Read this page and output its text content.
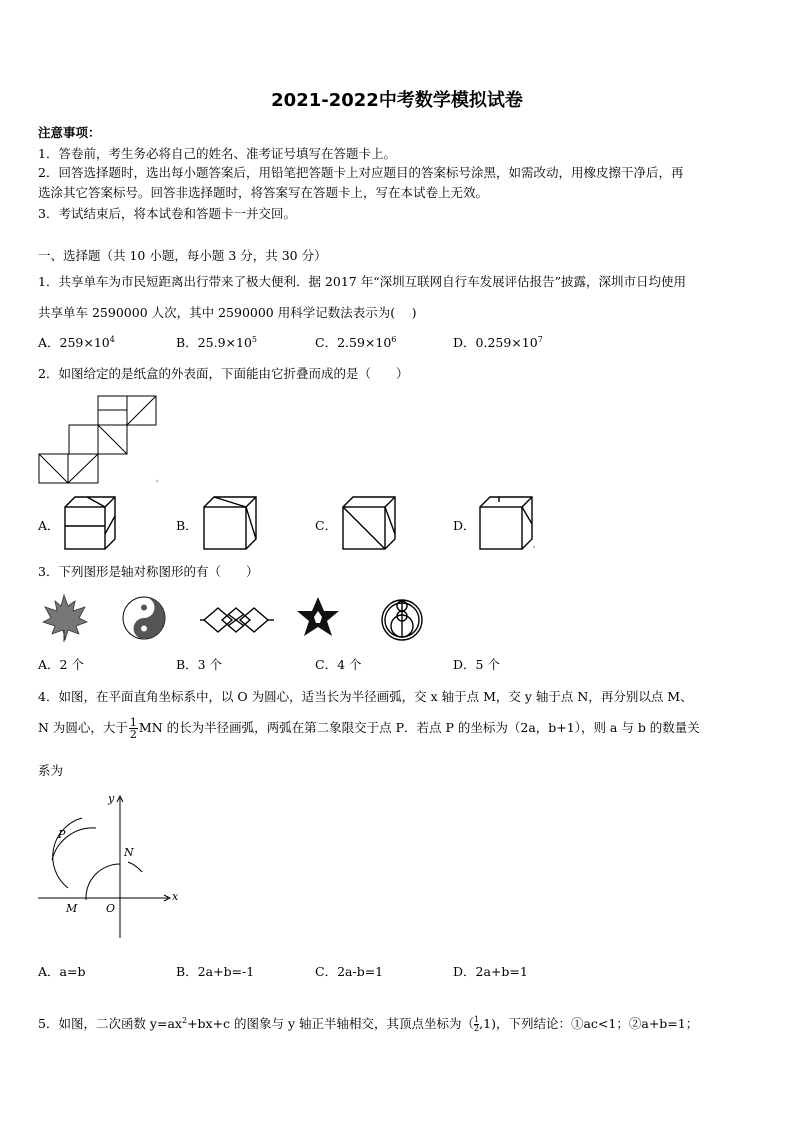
2021-2022中考数学模拟试卷
注意事项：
1．答卷前，考生务必将自己的姓名、准考证号填写在答题卡上。
2．回答选择题时，选出每小题答案后，用铅笔把答题卡上对应题目的答案标号涂黑，如需改动，用橡皮擦干净后，再
选涂其它答案标号。回答非选择题时，将答案写在答题卡上，写在本试卷上无效。
3．考试结束后，将本试卷和答题卡一并交回。
一、选择题（共 10 小题，每小题 3 分，共 30 分）
1．共享单车为市民短距离出行带来了极大便利．据 2017 年“深圳互联网自行车发展评估报告”披露，深圳市日均使用
共享单车 2590000 人次，其中 2590000 用科学记数法表示为(　 )
A．$259\times 10^4$	B．$25.9\times 10^5$	C．$2.59\times 10^6$	D．$0.259\times 10^7$
2．如图给定的是纸盒的外表面，下面能由它折叠而成的是（　　）
‹
A．	B．	C．	D．
‹
3．下列图形是轴对称图形的有（　　）
A．2 个	B．3 个	C．4 个	D．5 个
4．如图，在平面直角坐标系中，以 O 为圆心，适当长为半径画弧，交 x 轴于点 M，交 y 轴于点 N，再分别以点 M、
N 为圆心，大于 $\frac{1}{2}$ MN 的长为半径画弧，两弧在第二象限交于点 P．若点 P 的坐标为（2a，b+1），则 a 与 b 的数量关
系为
y
x
P
N
M	O
A．a=b	B．2a+b=-1	C．2a-b=1	D．2a+b=1
5．如图，二次函数 $y=ax^2+bx+c$ 的图象与 y 轴正半轴相交，其顶点坐标为（ $\frac{1}{2},1$)，下列结论：①ac<1；②a+b=1；
